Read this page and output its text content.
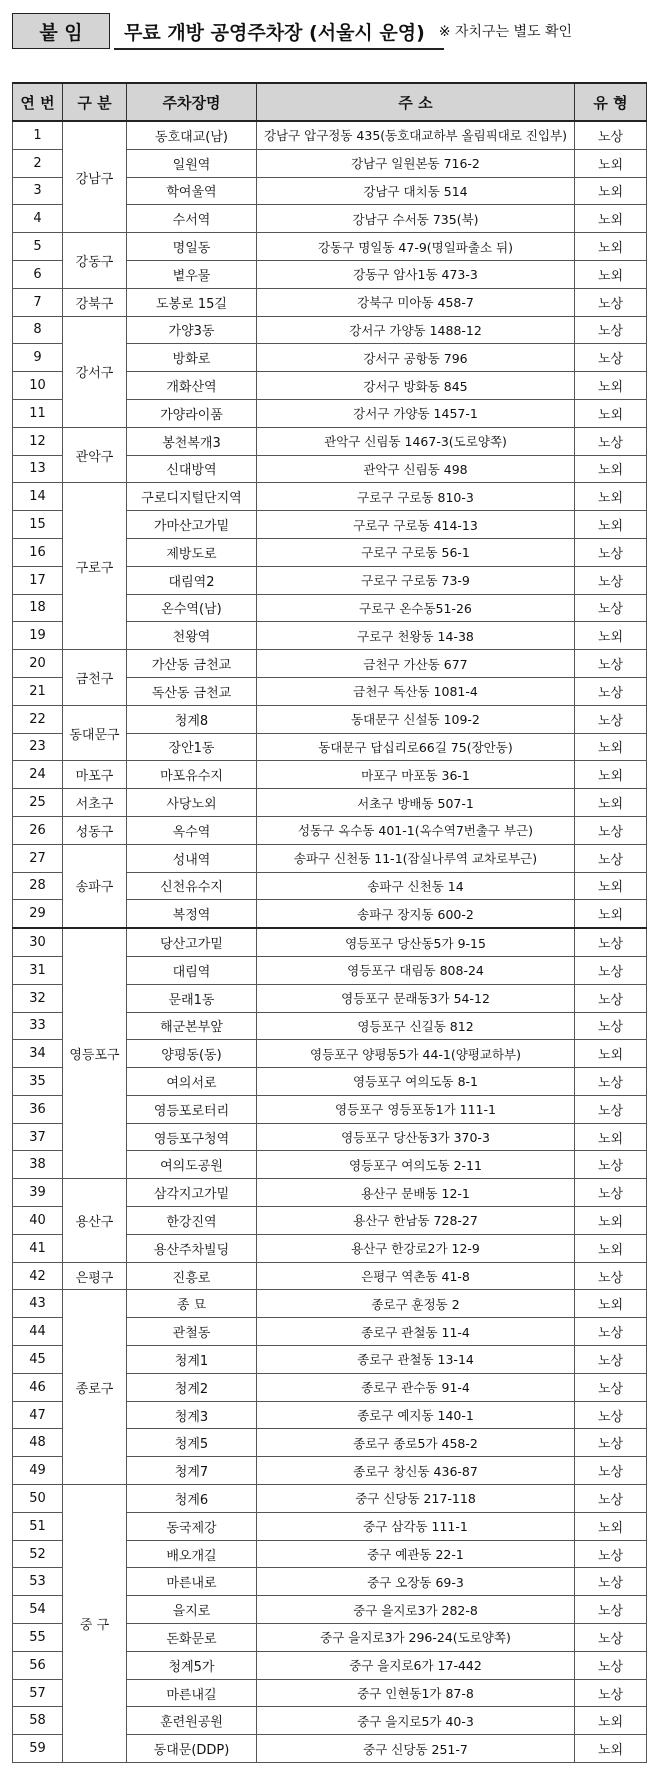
붙 임	무료 개방 공영주차장 (서울시 운영) ※ 자치구는 별도 확인
연 번	구 분	주차장명	주 소	유 형
1	강남구	동호대교(남)	강남구 압구정동 435(동호대교하부 올림픽대로 진입부)	노상
2		일원역	강남구 일원본동 716-2	노외
3		학여울역	강남구 대치동 514	노외
4		수서역	강남구 수서동 735(북)	노외
5	강동구	명일동	강동구 명일동 47-9(명일파출소 뒤)	노외
6		볕우물	강동구 암사1동 473-3	노외
7	강북구	도봉로 15길	강북구 미아동 458-7	노상
8	강서구	가양3동	강서구 가양동 1488-12	노상
9		방화로	강서구 공항동 796	노상
10		개화산역	강서구 방화동 845	노외
11		가양라이품	강서구 가양동 1457-1	노외
12	관악구	봉천복개3	관악구 신림동 1467-3(도로양쪽)	노상
13		신대방역	관악구 신림동 498	노외
14	구로구	구로디지털단지역	구로구 구로동 810-3	노외
15		가마산고가밑	구로구 구로동 414-13	노외
16		제방도로	구로구 구로동 56-1	노상
17		대림역2	구로구 구로동 73-9	노상
18		온수역(남)	구로구 온수동51-26	노상
19		천왕역	구로구 천왕동 14-38	노외
20	금천구	가산동 금천교	금천구 가산동 677	노상
21		독산동 금천교	금천구 독산동 1081-4	노상
22	동대문구	청계8	동대문구 신설동 109-2	노상
23		장안1동	동대문구 답십리로66길 75(장안동)	노외
24	마포구	마포유수지	마포구 마포동 36-1	노외
25	서초구	사당노외	서초구 방배동 507-1	노외
26	성동구	옥수역	성동구 옥수동 401-1(옥수역7번출구 부근)	노상
27	송파구	성내역	송파구 신천동 11-1(잠실나루역 교차로부근)	노상
28		신천유수지	송파구 신천동 14	노외
29		복정역	송파구 장지동 600-2	노외
30	영등포구	당산고가밑	영등포구 당산동5가 9-15	노상
31		대림역	영등포구 대림동 808-24	노상
32		문래1동	영등포구 문래동3가 54-12	노상
33		해군본부앞	영등포구 신길동 812	노상
34		양평동(동)	영등포구 양평동5가 44-1(양평교하부)	노외
35		여의서로	영등포구 여의도동 8-1	노상
36		영등포로터리	영등포구 영등포동1가 111-1	노상
37		영등포구청역	영등포구 당산동3가 370-3	노외
38		여의도공원	영등포구 여의도동 2-11	노상
39	용산구	삼각지고가밑	용산구 문배동 12-1	노상
40		한강진역	용산구 한남동 728-27	노외
41		용산주차빌딩	용산구 한강로2가 12-9	노외
42	은평구	진흥로	은평구 역촌동 41-8	노상
43	종로구	종 묘	종로구 훈정동 2	노외
44		관철동	종로구 관철동 11-4	노상
45		청계1	종로구 관철동 13-14	노상
46		청계2	종로구 관수동 91-4	노상
47		청계3	종로구 예지동 140-1	노상
48		청계5	종로구 종로5가 458-2	노상
49		청계7	종로구 창신동 436-87	노상
50	중 구	청계6	중구 신당동 217-118	노상
51		동국제강	중구 삼각동 111-1	노외
52		배오개길	중구 예관동 22-1	노상
53		마른내로	중구 오장동 69-3	노상
54		을지로	중구 을지로3가 282-8	노상
55		돈화문로	중구 을지로3가 296-24(도로양쪽)	노상
56		청계5가	중구 을지로6가 17-442	노상
57		마른내길	중구 인현동1가 87-8	노상
58		훈련원공원	중구 을지로5가 40-3	노외
59		동대문(DDP)	중구 신당동 251-7	노외
